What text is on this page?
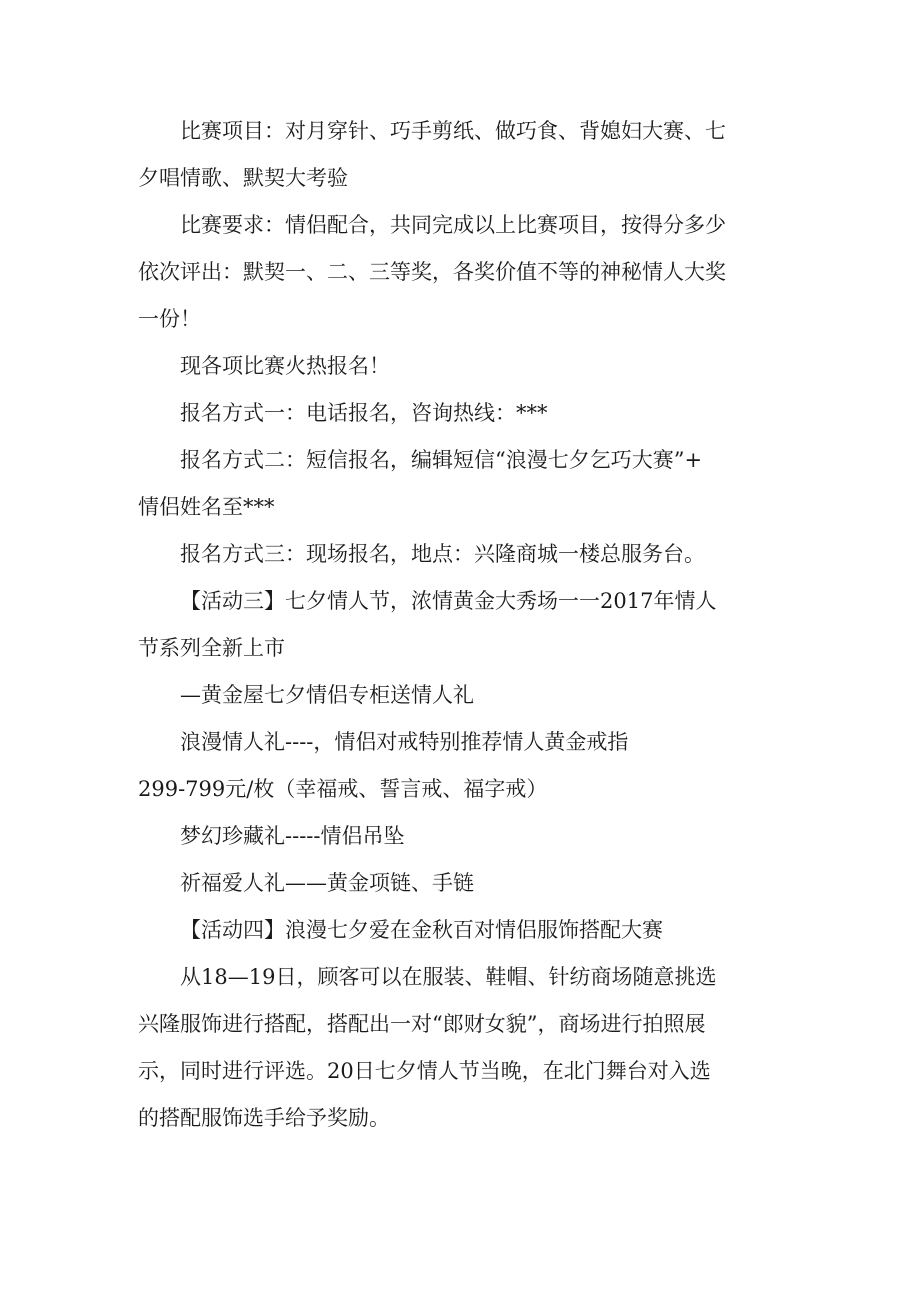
比赛项目：对月穿针、巧手剪纸、做巧食、背媳妇大赛、七
夕唱情歌、默契大考验

比赛要求：情侣配合，共同完成以上比赛项目，按得分多少
依次评出：默契一、二、三等奖，各奖价值不等的神秘情人大奖
一份！

现各项比赛火热报名！

报名方式一：电话报名，咨询热线：***

报名方式二：短信报名，编辑短信“浪漫七夕乞巧大赛”+
情侣姓名至***

报名方式三：现场报名，地点：兴隆商城一楼总服务台。

【活动三】七夕情人节，浓情黄金大秀场一一2017年情人
节系列全新上市

—黄金屋七夕情侣专柜送情人礼

浪漫情人礼----，情侣对戒特别推荐情人黄金戒指
299-799元/枚（幸福戒、誓言戒、福字戒）

梦幻珍藏礼-----情侣吊坠

祈福爱人礼——黄金项链、手链

【活动四】浪漫七夕爱在金秋百对情侣服饰搭配大赛

从18—19日，顾客可以在服装、鞋帽、针纺商场随意挑选
兴隆服饰进行搭配，搭配出一对“郎财女貌”，商场进行拍照展
示，同时进行评选。20日七夕情人节当晚，在北门舞台对入选
的搭配服饰选手给予奖励。
